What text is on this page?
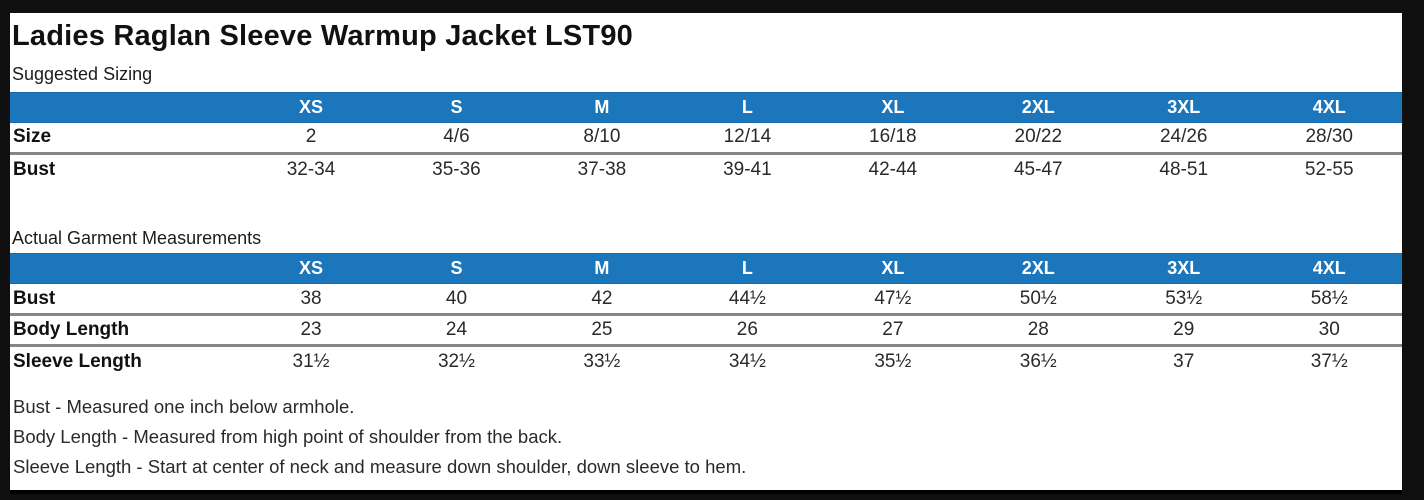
Ladies Raglan Sleeve Warmup Jacket LST90
Suggested Sizing
	XS	S	M	L	XL	2XL	3XL	4XL
Size	2	4/6	8/10	12/14	16/18	20/22	24/26	28/30
Bust	32-34	35-36	37-38	39-41	42-44	45-47	48-51	52-55
Actual Garment Measurements
	XS	S	M	L	XL	2XL	3XL	4XL
Bust	38	40	42	44½	47½	50½	53½	58½
Body Length	23	24	25	26	27	28	29	30
Sleeve Length	31½	32½	33½	34½	35½	36½	37	37½

Bust - Measured one inch below armhole.

Body Length - Measured from high point of shoulder from the back.

Sleeve Length - Start at center of neck and measure down shoulder, down sleeve to hem.
